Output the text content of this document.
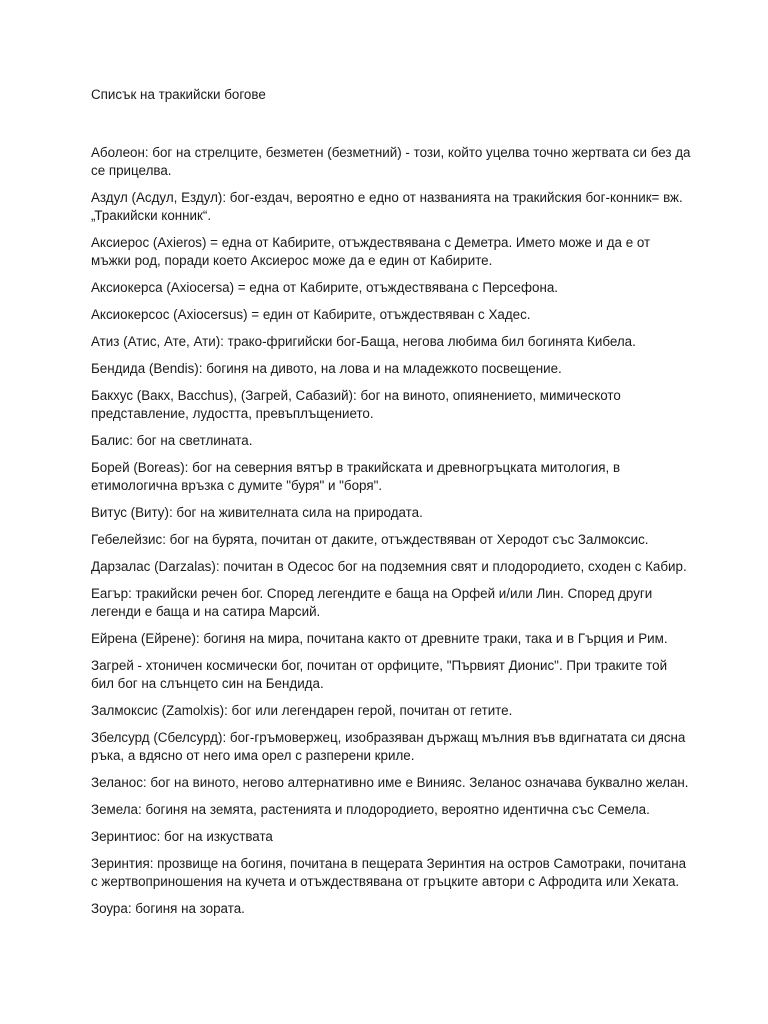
Списък на тракийски богове
Аболеон: бог на стрелците, безметен (безметний) - този, който уцелва точно жертвата си без да се прицелва.
Аздул (Асдул, Ездул): бог-ездач, вероятно е едно от названията на тракийския бог-конник= вж. „Тракийски конник“.
Аксиерос (Axieros) = една от Кабирите, отъждествявана с Деметра. Името може и да е от мъжки род, поради което Аксиерос може да е един от Кабирите.
Аксиокерса (Axiocersa) = една от Кабирите, отъждествявана с Персефона.
Аксиокерсос (Axiocersus) = един от Кабирите, отъждествяван с Хадес.
Атиз (Атис, Ате, Ати): трако-фригийски бог-Баща, негова любима бил богинята Кибела.
Бендида (Bendis): богиня на дивото, на лова и на младежкото посвещение.
Бакхус (Вакх, Bacchus), (Загрей, Сабазий): бог на виното, опиянението, мимическото представление, лудостта, превъплъщението.
Балис: бог на светлината.
Борей (Boreas): бог на северния вятър в тракийската и древногръцката митология, в етимологична връзка с думите "буря" и "боря".
Витус (Виту): бог на живителната сила на природата.
Гебелейзис: бог на бурята, почитан от даките, отъждествяван от Херодот със Залмоксис.
Дарзалас (Darzalas): почитан в Одесос бог на подземния свят и плодородието, сходен с Кабир.
Еагър: тракийски речен бог. Според легендите е баща на Орфей и/или Лин. Според други легенди е баща и на сатира Марсий.
Ейрена (Ейрене): богиня на мира, почитана както от древните траки, така и в Гърция и Рим.
Загрей - хтоничен космически бог, почитан от орфиците, "Първият Дионис". При траките той бил бог на слънцето син на Бендида.
Залмоксис (Zamolxis): бог или легендарен герой, почитан от гетите.
Збелсурд (Сбелсурд): бог-гръмовержец, изобразяван държащ мълния във вдигнатата си дясна ръка, а вдясно от него има орел с разперени криле.
Зеланос: бог на виното, негово алтернативно име е Винияс. Зеланос означава буквално желан.
Земела: богиня на земята, растенията и плодородието, вероятно идентична със Семела.
Зеринтиос: бог на изкуствата
Зеринтия: прозвище на богиня, почитана в пещерата Зеринтия на остров Самотраки, почитана с жертвоприношения на кучета и отъждествявана от гръцките автори с Афродита или Хеката.
Зоура: богиня на зората.
